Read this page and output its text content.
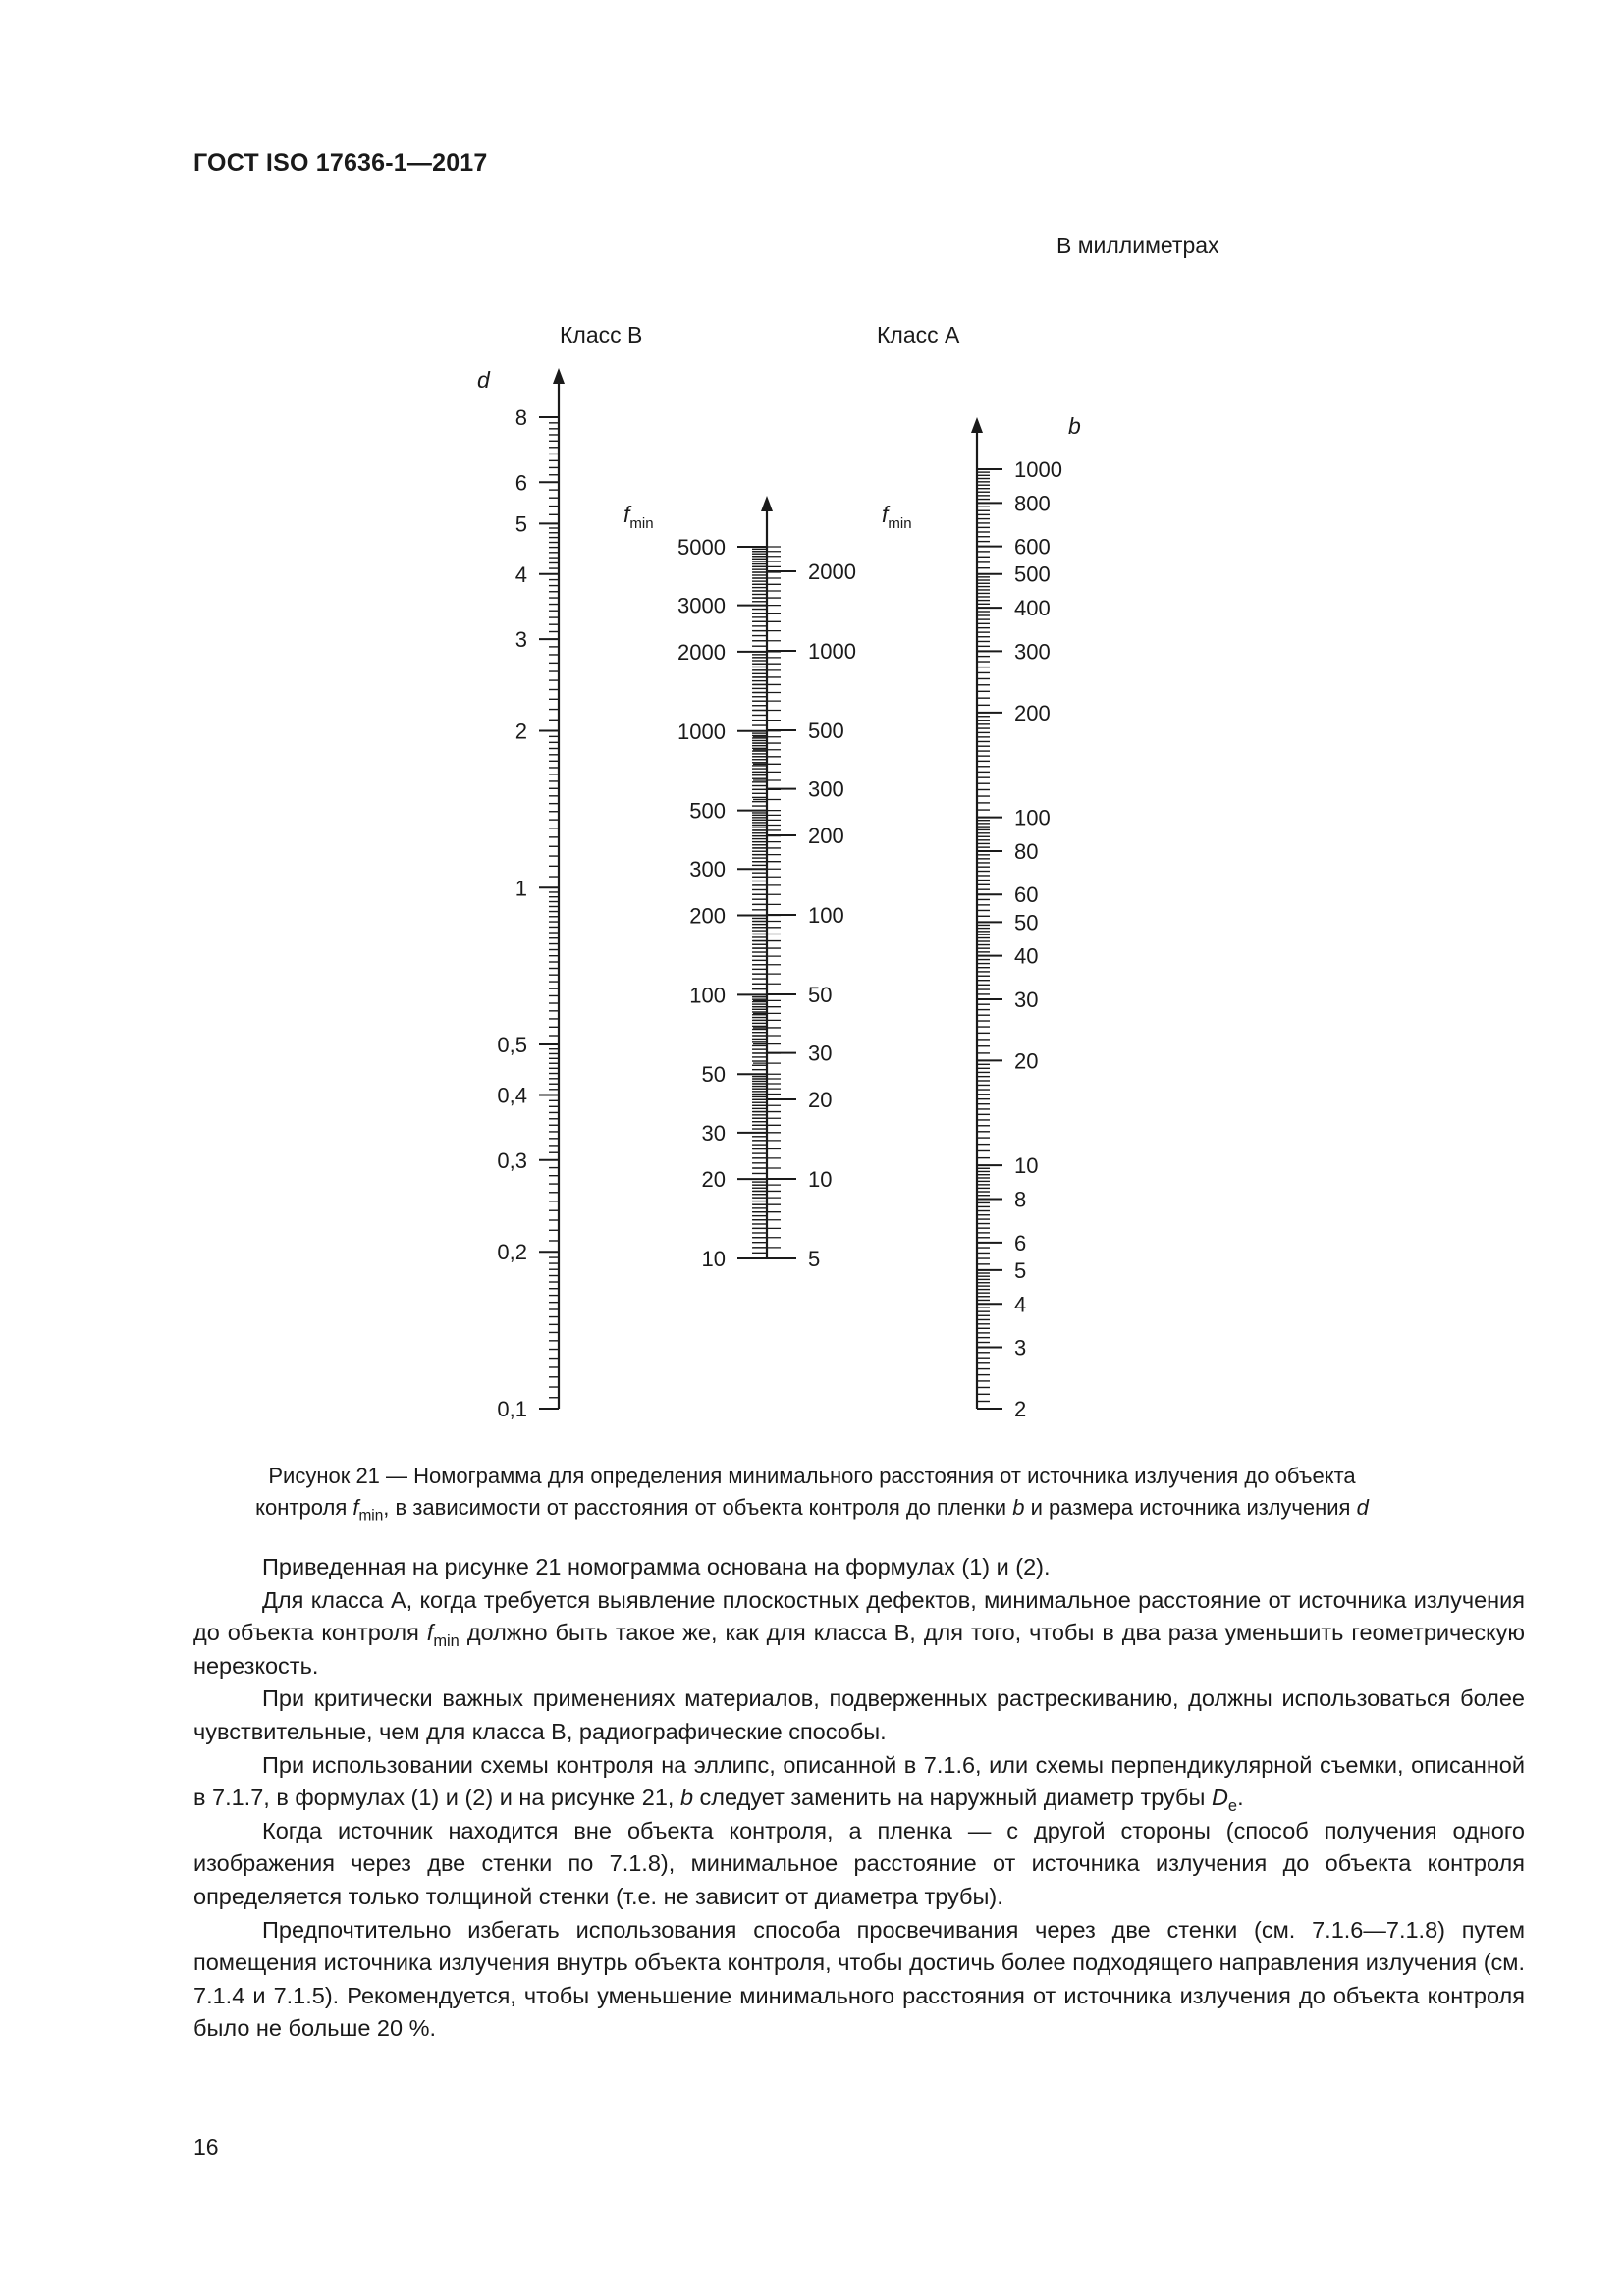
ГОСТ ISO 17636-1—2017
В миллиметрах
Класс B	Класс A
8
6
5
4
3
2
1
0,5
0,4
0,3
0,2
0,1
d
5000
3000
2000
1000
500
300
200
100
50
30
20
10
$f_{min}$
2000
1000
500
300
200
100
50
30
20
10
5
$f_{min}$
1000
800
600
500
400
300
200
100
80
60
50
40
30
20
10
8
6
5
4
3
2
b
Рисунок 21 — Номограмма для определения минимального расстояния от источника излучения до объекта
контроля $f_{min}$, в зависимости от расстояния от объекта контроля до пленки b и размера источника излучения d

Приведенная на рисунке 21 номограмма основана на формулах (1) и (2).

Для класса А, когда требуется выявление плоскостных дефектов, минимальное расстояние от источника излучения до объекта контроля $f_{min}$ должно быть такое же, как для класса В, для того, чтобы в два раза уменьшить геометрическую нерезкость.

При критически важных применениях материалов, подверженных растрескиванию, должны использоваться более чувствительные, чем для класса В, радиографические способы.

При использовании схемы контроля на эллипс, описанной в 7.1.6, или схемы перпендикулярной съемки, описанной в 7.1.7, в формулах (1) и (2) и на рисунке 21, b следует заменить на наружный диаметр трубы $D_e$.

Когда источник находится вне объекта контроля, а пленка — с другой стороны (способ получения одного изображения через две стенки по 7.1.8), минимальное расстояние от источника излучения до объекта контроля определяется только толщиной стенки (т.е. не зависит от диаметра трубы).

Предпочтительно избегать использования способа просвечивания через две стенки (см. 7.1.6—7.1.8) путем помещения источника излучения внутрь объекта контроля, чтобы достичь более подходящего направления излучения (см. 7.1.4 и 7.1.5). Рекомендуется, чтобы уменьшение минимального расстояния от источника излучения до объекта контроля было не больше 20 %.

16
